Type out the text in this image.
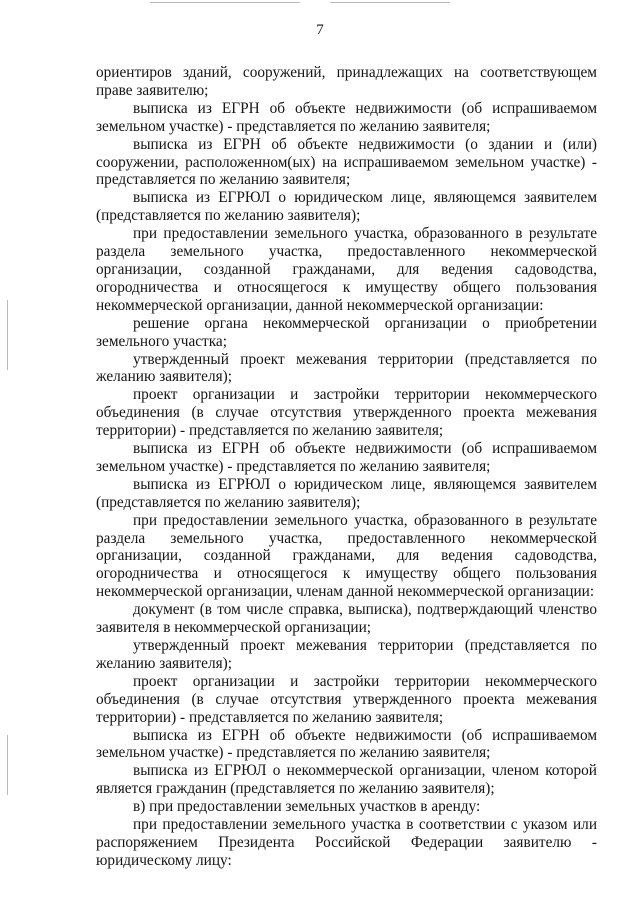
7

ориентиров зданий, сооружений, принадлежащих на соответствующем праве заявителю;

выписка из ЕГРН об объекте недвижимости (об испрашиваемом земельном участке) - представляется по желанию заявителя;

выписка из ЕГРН об объекте недвижимости (о здании и (или) сооружении, расположенном(ых) на испрашиваемом земельном участке) - представляется по желанию заявителя;

выписка из ЕГРЮЛ о юридическом лице, являющемся заявителем (представляется по желанию заявителя);

при предоставлении земельного участка, образованного в результате раздела земельного участка, предоставленного некоммерческой организации, созданной гражданами, для ведения садоводства, огородничества и относящегося к имуществу общего пользования некоммерческой организации, данной некоммерческой организации:

решение органа некоммерческой организации о приобретении земельного участка;

утвержденный проект межевания территории (представляется по желанию заявителя);

проект организации и застройки территории некоммерческого объединения (в случае отсутствия утвержденного проекта межевания территории) - представляется по желанию заявителя;

выписка из ЕГРН об объекте недвижимости (об испрашиваемом земельном участке) - представляется по желанию заявителя;

выписка из ЕГРЮЛ о юридическом лице, являющемся заявителем (представляется по желанию заявителя);

при предоставлении земельного участка, образованного в результате раздела земельного участка, предоставленного некоммерческой организации, созданной гражданами, для ведения садоводства, огородничества и относящегося к имуществу общего пользования некоммерческой организации, членам данной некоммерческой организации:

документ (в том числе справка, выписка), подтверждающий членство заявителя в некоммерческой организации;

утвержденный проект межевания территории (представляется по желанию заявителя);

проект организации и застройки территории некоммерческого объединения (в случае отсутствия утвержденного проекта межевания территории) - представляется по желанию заявителя;

выписка из ЕГРН об объекте недвижимости (об испрашиваемом земельном участке) - представляется по желанию заявителя;

выписка из ЕГРЮЛ о некоммерческой организации, членом которой является гражданин (представляется по желанию заявителя);

в) при предоставлении земельных участков в аренду:

при предоставлении земельного участка в соответствии с указом или распоряжением Президента Российской Федерации заявителю - юридическому лицу:
